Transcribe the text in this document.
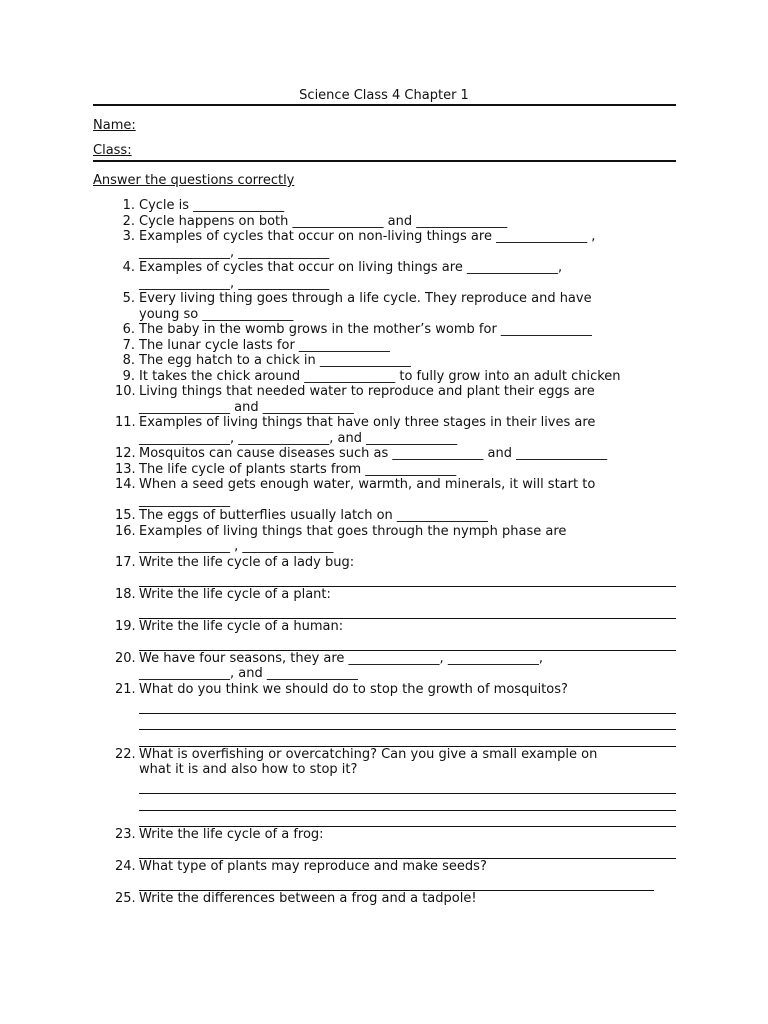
Science Class 4 Chapter 1
Name:
Class:
Answer the questions correctly
1. Cycle is ______________
2. Cycle happens on both ______________ and ______________
3. Examples of cycles that occur on non-living things are ______________ ,
______________, ______________
4. Examples of cycles that occur on living things are ______________,
______________, ______________
5. Every living thing goes through a life cycle. They reproduce and have
young so ______________
6. The baby in the womb grows in the mother’s womb for ______________
7. The lunar cycle lasts for ______________
8. The egg hatch to a chick in ______________
9. It takes the chick around ______________ to fully grow into an adult chicken
10. Living things that needed water to reproduce and plant their eggs are
______________ and ______________
11. Examples of living things that have only three stages in their lives are
______________, ______________, and ______________
12. Mosquitos can cause diseases such as ______________ and ______________
13. The life cycle of plants starts from ______________
14. When a seed gets enough water, warmth, and minerals, it will start to
______________
15. The eggs of butterflies usually latch on ______________
16. Examples of living things that goes through the nymph phase are
______________ , ______________
17. Write the life cycle of a lady bug:
18. Write the life cycle of a plant:
19. Write the life cycle of a human:
20. We have four seasons, they are ______________, ______________,
______________, and ______________
21. What do you think we should do to stop the growth of mosquitos?
22. What is overfishing or overcatching? Can you give a small example on
what it is and also how to stop it?
23. Write the life cycle of a frog:
24. What type of plants may reproduce and make seeds?
25. Write the differences between a frog and a tadpole!
